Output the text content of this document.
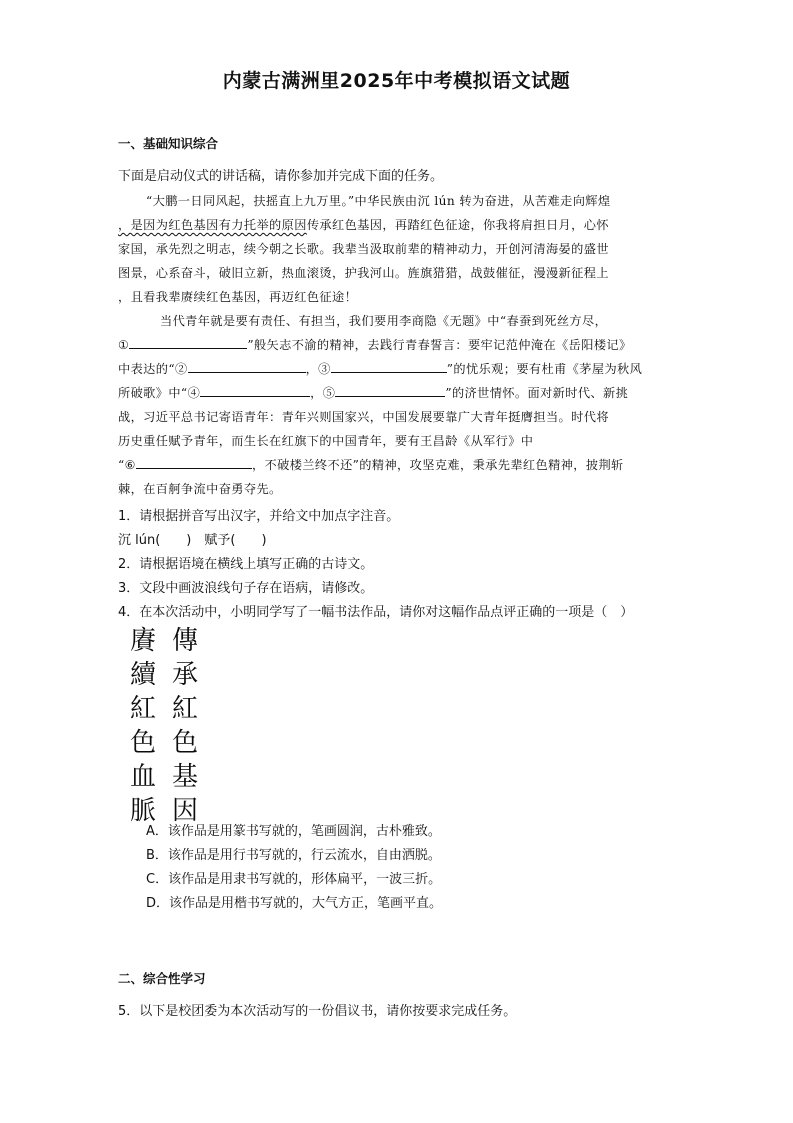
内蒙古满洲里2025年中考模拟语文试题
一、基础知识综合
下面是启动仪式的讲话稿，请你参加并完成下面的任务。
“大鹏一日同风起，扶摇直上九万里。”中华民族由沉 lún 转为奋进，从苦难走向辉煌
，是因为红色基因有力托举的原因传承红色基因，再踏红色征途，你我将肩担日月，心怀
家国，承先烈之明志，续今朝之长歌。我辈当汲取前辈的精神动力，开创河清海晏的盛世
图景，心系奋斗，破旧立新，热血滚烫，护我河山。旌旗猎猎，战鼓催征，漫漫新征程上
，且看我辈赓续红色基因，再迈红色征途！
当代青年就是要有责任、有担当，我们要用李商隐《无题》中“春蚕到死丝方尽，
①	”般矢志不渝的精神，去践行青春誓言：要牢记范仲淹在《岳阳楼记》
中表达的“②	，③	”的忧乐观；要有杜甫《茅屋为秋风
所破歌》中“④	，⑤	”的济世情怀。面对新时代、新挑
战，习近平总书记寄语青年：青年兴则国家兴，中国发展要靠广大青年挺膺担当。时代将
历史重任赋予青年，而生长在红旗下的中国青年，要有王昌龄《从军行》中
“⑥	，不破楼兰终不还”的精神，攻坚克难，秉承先辈红色精神，披荆斩
棘，在百舸争流中奋勇夺先。
1．请根据拼音写出汉字，并给文中加点字注音。
沉 lún(　　)　赋予(　　)
2．请根据语境在横线上填写正确的古诗文。
3．文段中画波浪线句子存在语病，请修改。
4．在本次活动中，小明同学写了一幅书法作品，请你对这幅作品点评正确的一项是（　）
傳
承
紅
色
基
因
賡
續
紅
色
血
脈
A．该作品是用篆书写就的，笔画圆润，古朴雅致。
B．该作品是用行书写就的，行云流水，自由洒脱。
C．该作品是用隶书写就的，形体扁平，一波三折。
D．该作品是用楷书写就的，大气方正，笔画平直。
二、综合性学习
5．以下是校团委为本次活动写的一份倡议书，请你按要求完成任务。
